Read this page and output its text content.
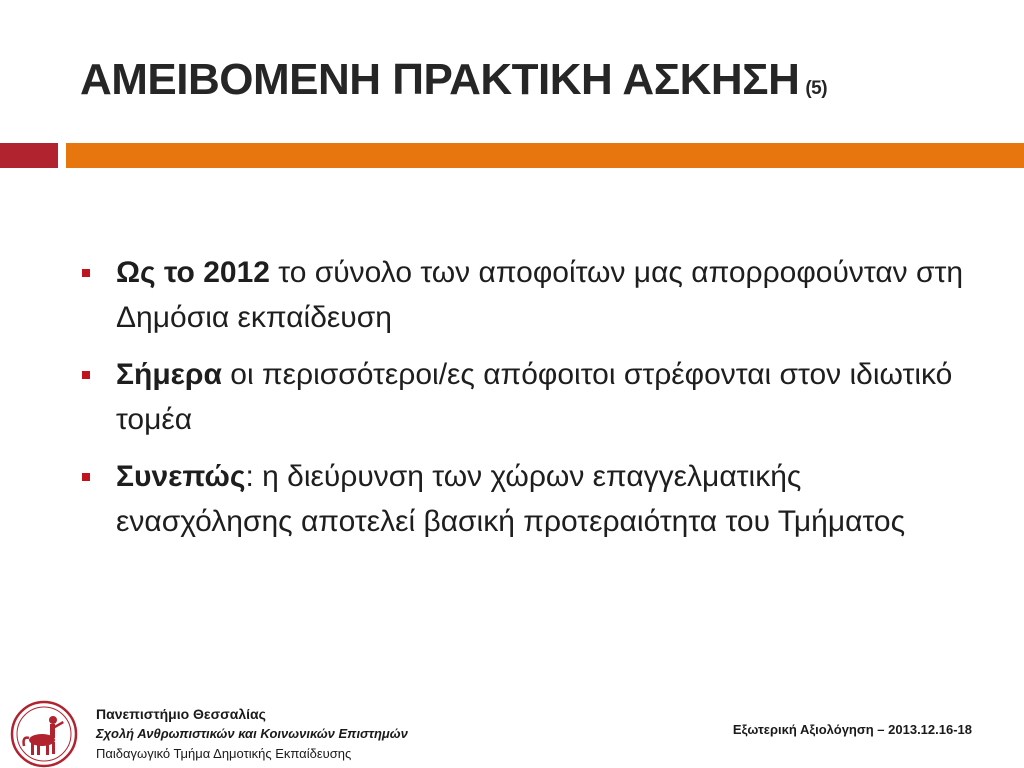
ΑΜΕΙΒΟΜΕΝΗ ΠΡΑΚΤΙΚΗ ΑΣΚΗΣΗ (5)
Ως το 2012 το σύνολο των αποφοίτων μας απορροφούνταν στη Δημόσια εκπαίδευση
Σήμερα οι περισσότεροι/ες απόφοιτοι στρέφονται στον ιδιωτικό τομέα
Συνεπώς: η διεύρυνση των χώρων επαγγελματικής ενασχόλησης αποτελεί βασική προτεραιότητα του Τμήματος
Πανεπιστήμιο Θεσσαλίας
Σχολή Ανθρωπιστικών και Κοινωνικών Επιστημών
Παιδαγωγικό Τμήμα Δημοτικής Εκπαίδευσης
Εξωτερική Αξιολόγηση – 2013.12.16-18
